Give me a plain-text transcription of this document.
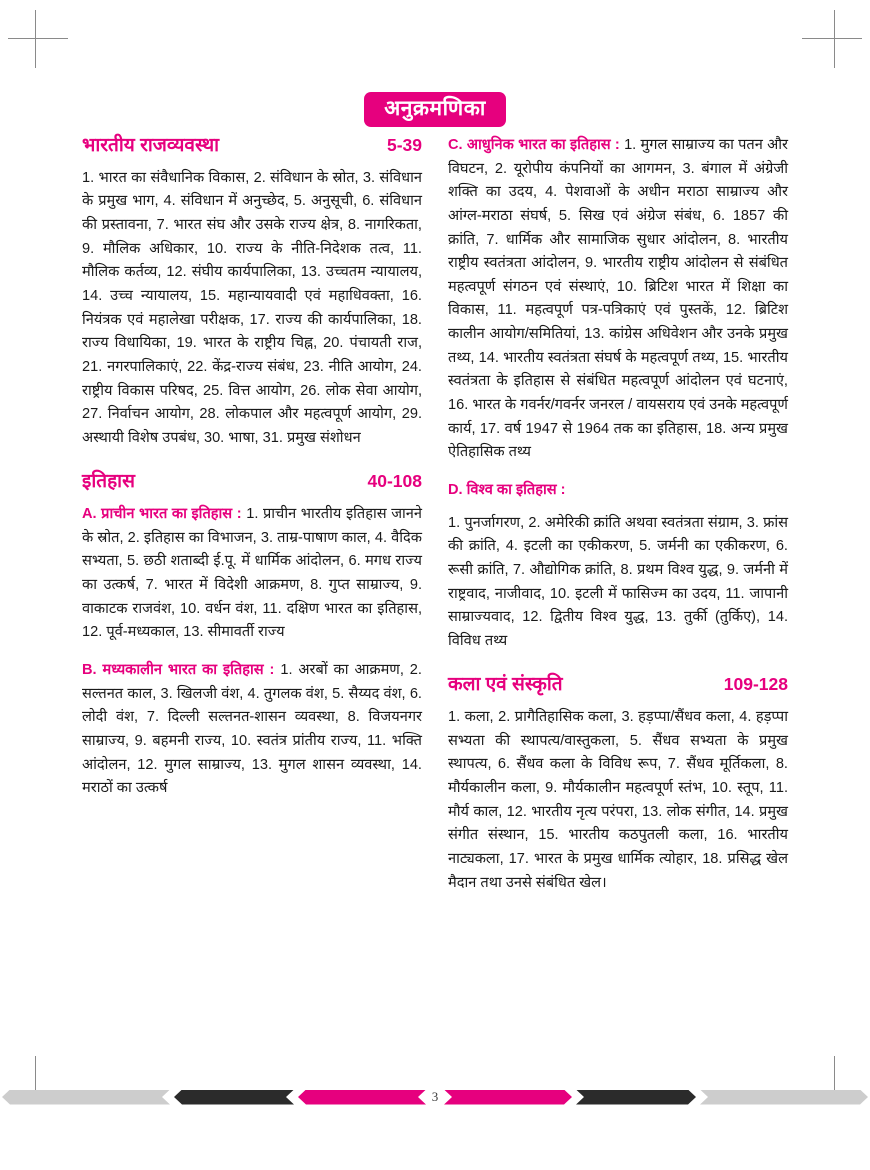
अनुक्रमणिका
भारतीय राजव्यवस्था	5-39

1. भारत का संवैधानिक विकास, 2. संविधान के स्रोत, 3. संविधान के प्रमुख भाग, 4. संविधान में अनुच्छेद, 5. अनुसूची, 6. संविधान की प्रस्तावना, 7. भारत संघ और उसके राज्य क्षेत्र, 8. नागरिकता, 9. मौलिक अधिकार, 10. राज्य के नीति-निदेशक तत्व, 11. मौलिक कर्तव्य, 12. संघीय कार्यपालिका, 13. उच्चतम न्यायालय, 14. उच्च न्यायालय, 15. महान्यायवादी एवं महाधिवक्ता, 16. नियंत्रक एवं महालेखा परीक्षक, 17. राज्य की कार्यपालिका, 18. राज्य विधायिका, 19. भारत के राष्ट्रीय चिह्न, 20. पंचायती राज, 21. नगरपालिकाएं, 22. केंद्र-राज्य संबंध, 23. नीति आयोग, 24. राष्ट्रीय विकास परिषद, 25. वित्त आयोग, 26. लोक सेवा आयोग, 27. निर्वाचन आयोग, 28. लोकपाल और महत्वपूर्ण आयोग, 29. अस्थायी विशेष उपबंध, 30. भाषा, 31. प्रमुख संशोधन

इतिहास	40-108

A. प्राचीन भारत का इतिहास : 1. प्राचीन भारतीय इतिहास जानने के स्रोत, 2. इतिहास का विभाजन, 3. ताम्र-पाषाण काल, 4. वैदिक सभ्यता, 5. छठी शताब्दी ई.पू. में धार्मिक आंदोलन, 6. मगध राज्य का उत्कर्ष, 7. भारत में विदेशी आक्रमण, 8. गुप्त साम्राज्य, 9. वाकाटक राजवंश, 10. वर्धन वंश, 11. दक्षिण भारत का इतिहास, 12. पूर्व-मध्यकाल, 13. सीमावर्ती राज्य

B. मध्यकालीन भारत का इतिहास : 1. अरबों का आक्रमण, 2. सल्तनत काल, 3. खिलजी वंश, 4. तुगलक वंश, 5. सैय्यद वंश, 6. लोदी वंश, 7. दिल्ली सल्तनत-शासन व्यवस्था, 8. विजयनगर साम्राज्य, 9. बहमनी राज्य, 10. स्वतंत्र प्रांतीय राज्य, 11. भक्ति आंदोलन, 12. मुगल साम्राज्य, 13. मुगल शासन व्यवस्था, 14. मराठों का उत्कर्ष

C. आधुनिक भारत का इतिहास : 1. मुगल साम्राज्य का पतन और विघटन, 2. यूरोपीय कंपनियों का आगमन, 3. बंगाल में अंग्रेजी शक्ति का उदय, 4. पेशवाओं के अधीन मराठा साम्राज्य और आंग्ल-मराठा संघर्ष, 5. सिख एवं अंग्रेज संबंध, 6. 1857 की क्रांति, 7. धार्मिक और सामाजिक सुधार आंदोलन, 8. भारतीय राष्ट्रीय स्वतंत्रता आंदोलन, 9. भारतीय राष्ट्रीय आंदोलन से संबंधित महत्वपूर्ण संगठन एवं संस्थाएं, 10. ब्रिटिश भारत में शिक्षा का विकास, 11. महत्वपूर्ण पत्र-पत्रिकाएं एवं पुस्तकें, 12. ब्रिटिश कालीन आयोग/समितियां, 13. कांग्रेस अधिवेशन और उनके प्रमुख तथ्य, 14. भारतीय स्वतंत्रता संघर्ष के महत्वपूर्ण तथ्य, 15. भारतीय स्वतंत्रता के इतिहास से संबंधित महत्वपूर्ण आंदोलन एवं घटनाएं, 16. भारत के गवर्नर/गवर्नर जनरल / वायसराय एवं उनके महत्वपूर्ण कार्य, 17. वर्ष 1947 से 1964 तक का इतिहास, 18. अन्य प्रमुख ऐतिहासिक तथ्य

D. विश्व का इतिहास :

1. पुनर्जागरण, 2. अमेरिकी क्रांति अथवा स्वतंत्रता संग्राम, 3. फ्रांस की क्रांति, 4. इटली का एकीकरण, 5. जर्मनी का एकीकरण, 6. रूसी क्रांति, 7. औद्योगिक क्रांति, 8. प्रथम विश्व युद्ध, 9. जर्मनी में राष्ट्रवाद, नाजीवाद, 10. इटली में फासिज्म का उदय, 11. जापानी साम्राज्यवाद, 12. द्वितीय विश्व युद्ध, 13. तुर्की (तुर्किए), 14. विविध तथ्य

कला एवं संस्कृति	109-128

1. कला, 2. प्रागैतिहासिक कला, 3. हड़प्पा/सैंधव कला, 4. हड़प्पा सभ्यता की स्थापत्य/वास्तुकला, 5. सैंधव सभ्यता के प्रमुख स्थापत्य, 6. सैंधव कला के विविध रूप, 7. सैंधव मूर्तिकला, 8. मौर्यकालीन कला, 9. मौर्यकालीन महत्वपूर्ण स्तंभ, 10. स्तूप, 11. मौर्य काल, 12. भारतीय नृत्य परंपरा, 13. लोक संगीत, 14. प्रमुख संगीत संस्थान, 15. भारतीय कठपुतली कला, 16. भारतीय नाट्यकला, 17. भारत के प्रमुख धार्मिक त्योहार, 18. प्रसिद्ध खेल मैदान तथा उनसे संबंधित खेल।

3
